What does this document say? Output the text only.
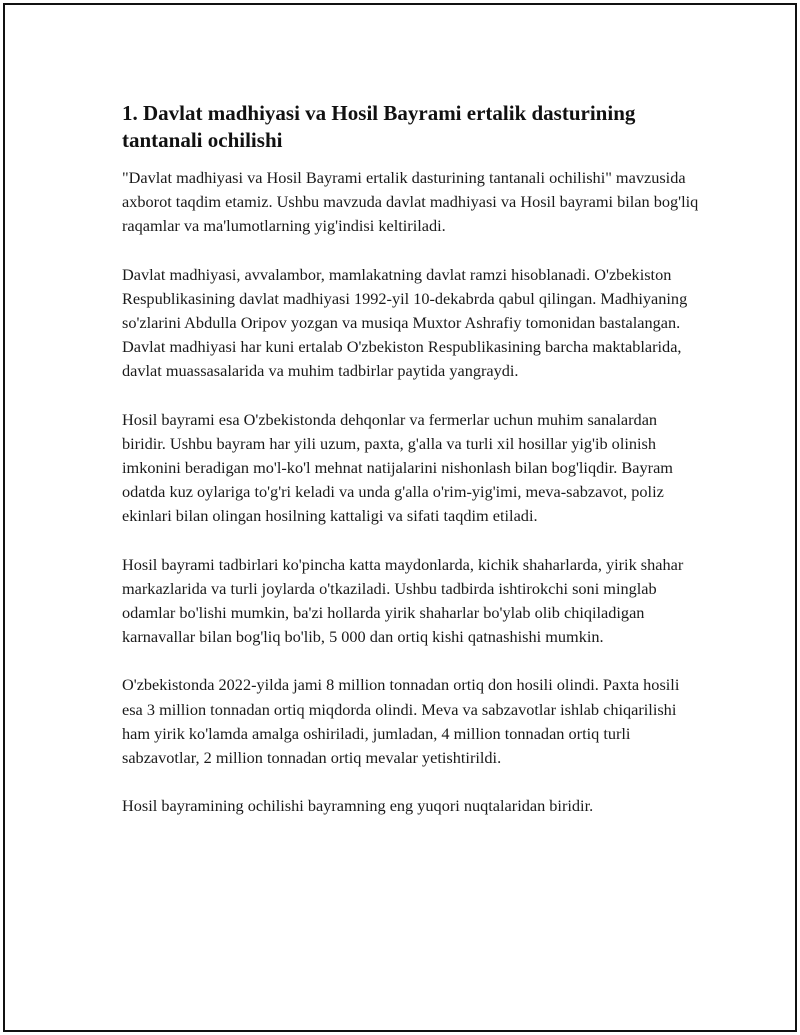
1. Davlat madhiyasi va Hosil Bayrami ertalik dasturining tantanali ochilishi

"Davlat madhiyasi va Hosil Bayrami ertalik dasturining tantanali ochilishi" mavzusida axborot taqdim etamiz. Ushbu mavzuda davlat madhiyasi va Hosil bayrami bilan bog'liq raqamlar va ma'lumotlarning yig'indisi keltiriladi.

Davlat madhiyasi, avvalambor, mamlakatning davlat ramzi hisoblanadi. O'zbekiston Respublikasining davlat madhiyasi 1992-yil 10-dekabrda qabul qilingan. Madhiyaning so'zlarini Abdulla Oripov yozgan va musiqa Muxtor Ashrafiy tomonidan bastalangan. Davlat madhiyasi har kuni ertalab O'zbekiston Respublikasining barcha maktablarida, davlat muassasalarida va muhim tadbirlar paytida yangraydi.

Hosil bayrami esa O'zbekistonda dehqonlar va fermerlar uchun muhim sanalardan biridir. Ushbu bayram har yili uzum, paxta, g'alla va turli xil hosillar yig'ib olinish imkonini beradigan mo'l-ko'l mehnat natijalarini nishonlash bilan bog'liqdir. Bayram odatda kuz oylariga to'g'ri keladi va unda g'alla o'rim-yig'imi, meva-sabzavot, poliz ekinlari bilan olingan hosilning kattaligi va sifati taqdim etiladi.

Hosil bayrami tadbirlari ko'pincha katta maydonlarda, kichik shaharlarda, yirik shahar markazlarida va turli joylarda o'tkaziladi. Ushbu tadbirda ishtirokchi soni minglab odamlar bo'lishi mumkin, ba'zi hollarda yirik shaharlar bo'ylab olib chiqiladigan karnavallar bilan bog'liq bo'lib, 5 000 dan ortiq kishi qatnashishi mumkin.

O'zbekistonda 2022-yilda jami 8 million tonnadan ortiq don hosili olindi. Paxta hosili esa 3 million tonnadan ortiq miqdorda olindi. Meva va sabzavotlar ishlab chiqarilishi ham yirik ko'lamda amalga oshiriladi, jumladan, 4 million tonnadan ortiq turli sabzavotlar, 2 million tonnadan ortiq mevalar yetishtirildi.

Hosil bayramining ochilishi bayramning eng yuqori nuqtalaridan biridir.
